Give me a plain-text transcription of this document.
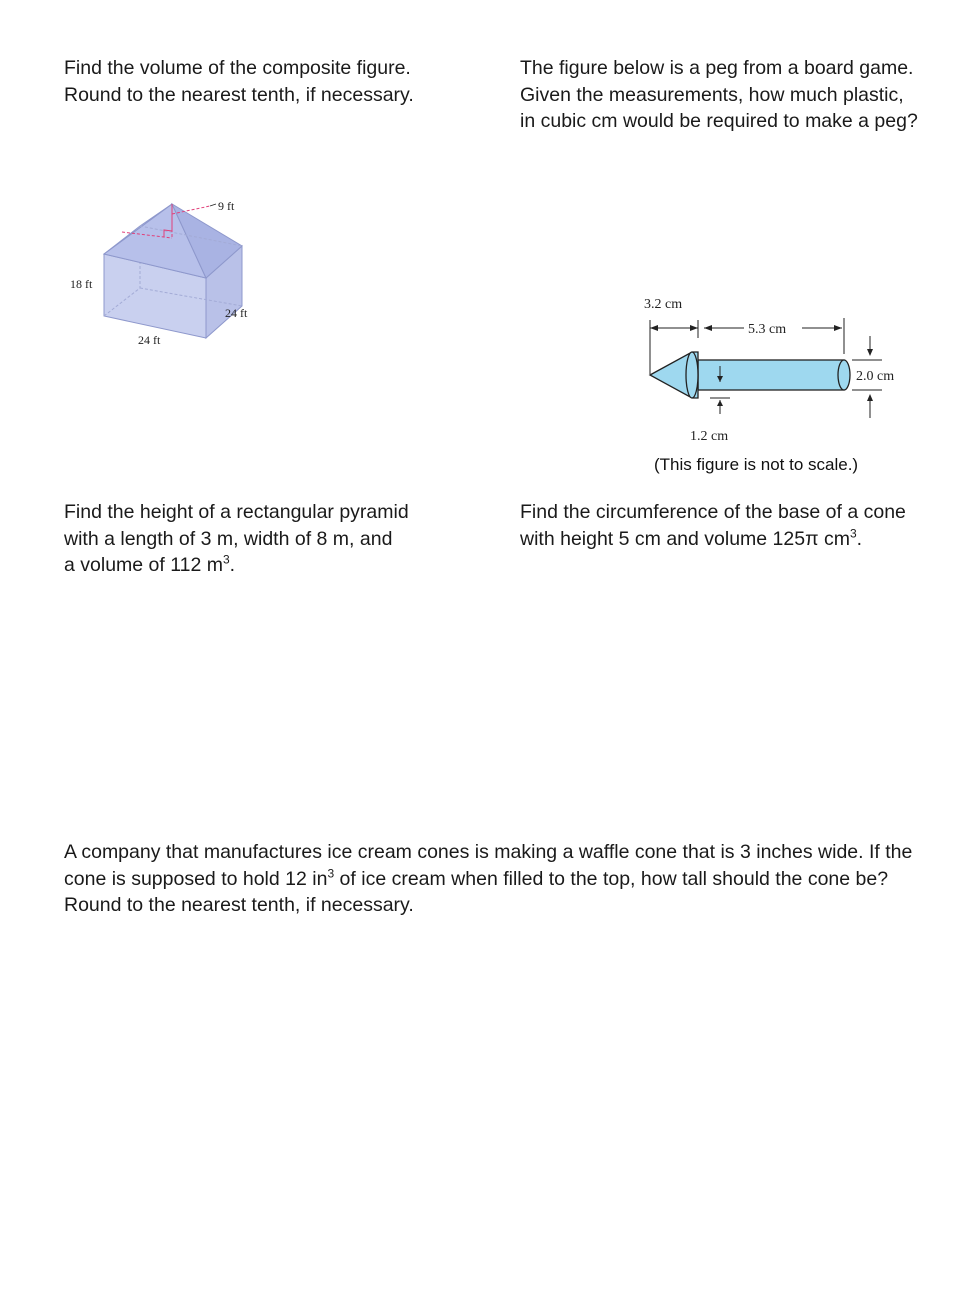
Find the volume of the composite figure.

Round to the nearest tenth, if necessary.

The figure below is a peg from a board game.

Given the measurements, how much plastic,

in cubic cm would be required to make a peg?

9 ft
18 ft
24 ft
24 ft
3.2 cm
5.3 cm
1.2 cm
2.0 cm
(This figure is not to scale.)

Find the height of a rectangular pyramid

with a length of 3 m, width of 8 m, and

a volume of 112 $m^3$.

Find the circumference of the base of a cone

with height 5 cm and volume 125π $cm^3$.

A company that manufactures ice cream cones is making a waffle cone that is 3 inches wide. If the

cone is supposed to hold 12 $in^3$ of ice cream when filled to the top, how tall should the cone be?

Round to the nearest tenth, if necessary.
